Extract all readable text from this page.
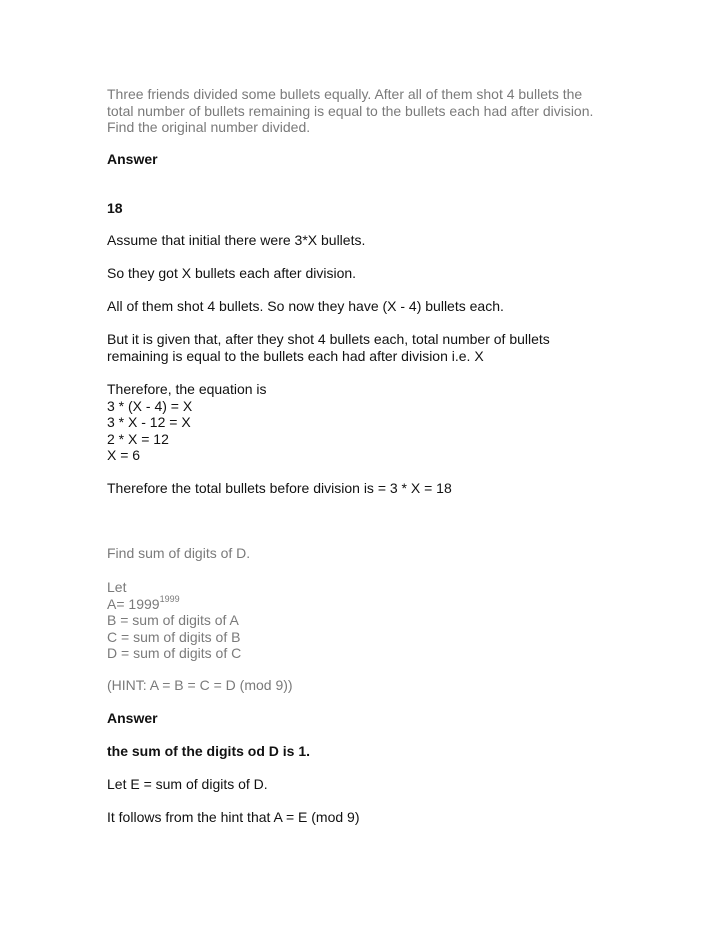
Three friends divided some bullets equally. After all of them shot 4 bullets the
total number of bullets remaining is equal to the bullets each had after division.
Find the original number divided.

Answer

18

Assume that initial there were 3*X bullets.

So they got X bullets each after division.

All of them shot 4 bullets. So now they have (X - 4) bullets each.

But it is given that, after they shot 4 bullets each, total number of bullets
remaining is equal to the bullets each had after division i.e. X

Therefore, the equation is
3 * (X - 4) = X
3 * X - 12 = X
2 * X = 12
X = 6

Therefore the total bullets before division is = 3 * X = 18

Find sum of digits of D.

Let
$A= 1999^{1999}$
B = sum of digits of A
C = sum of digits of B
D = sum of digits of C

(HINT: A = B = C = D (mod 9))

Answer

the sum of the digits od D is 1.

Let E = sum of digits of D.

It follows from the hint that A = E (mod 9)
